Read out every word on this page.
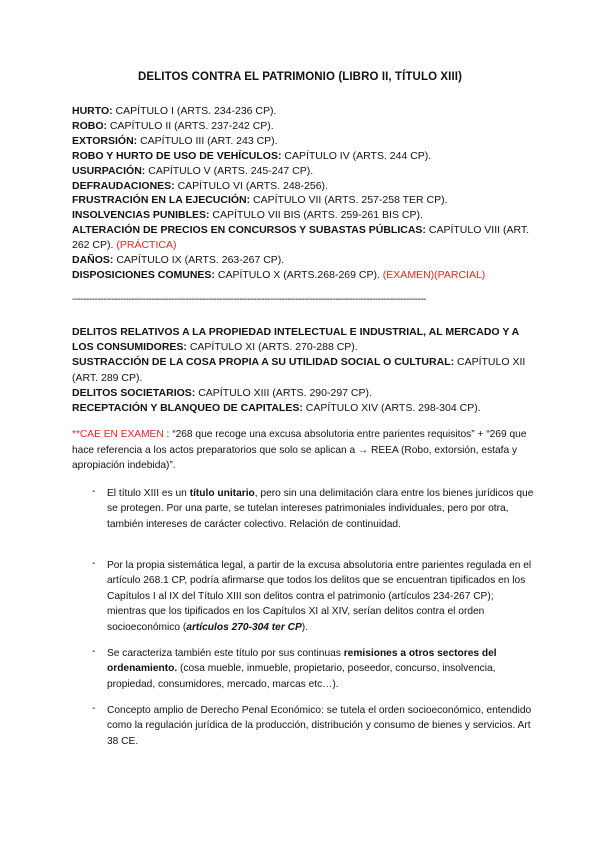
DELITOS CONTRA EL PATRIMONIO (LIBRO II, TÍTULO XIII)
HURTO: CAPÍTULO I (ARTS. 234-236 CP).
ROBO: CAPÍTULO II (ARTS. 237-242 CP).
EXTORSIÓN: CAPÍTULO III (ART. 243 CP).
ROBO Y HURTO DE USO DE VEHÍCULOS: CAPÍTULO IV (ARTS. 244 CP).
USURPACIÓN: CAPÍTULO V (ARTS. 245-247 CP).
DEFRAUDACIONES: CAPÍTULO VI (ARTS. 248-256).
FRUSTRACIÓN EN LA EJECUCIÓN: CAPÍTULO VII (ARTS. 257-258 TER CP).
INSOLVENCIAS PUNIBLES: CAPÍTULO VII BIS (ARTS. 259-261 BIS CP).
ALTERACIÓN DE PRECIOS EN CONCURSOS Y SUBASTAS PÚBLICAS: CAPÍTULO VIII (ART. 262 CP). (PRÁCTICA)
DAÑOS: CAPÍTULO IX (ARTS. 263-267 CP).
DISPOSICIONES COMUNES: CAPÍTULO X (ARTS.268-269 CP). (EXAMEN)(PARCIAL)
-----------------------------------------------------------------------------------------------------------------------------
DELITOS RELATIVOS A LA PROPIEDAD INTELECTUAL E INDUSTRIAL, AL MERCADO Y A LOS CONSUMIDORES: CAPÍTULO XI (ARTS. 270-288 CP).
SUSTRACCIÓN DE LA COSA PROPIA A SU UTILIDAD SOCIAL O CULTURAL: CAPÍTULO XII (ART. 289 CP).
DELITOS SOCIETARIOS: CAPÍTULO XIII (ARTS. 290-297 CP).
RECEPTACIÓN Y BLANQUEO DE CAPITALES: CAPÍTULO XIV (ARTS. 298-304 CP).
**CAE EN EXAMEN : “268 que recoge una excusa absolutoria entre parientes requisitos” + “269 que hace referencia a los actos preparatorios que solo se aplican a → REEA (Robo, extorsión, estafa y apropiación indebida)”.
- El título XIII es un título unitario, pero sin una delimitación clara entre los bienes jurídicos que se protegen. Por una parte, se tutelan intereses patrimoniales individuales, pero por otra, también intereses de carácter colectivo. Relación de continuidad.
- Por la propia sistemática legal, a partir de la excusa absolutoria entre parientes regulada en el artículo 268.1 CP, podría afirmarse que todos los delitos que se encuentran tipificados en los Capítulos I al IX del Título XIII son delitos contra el patrimonio (artículos 234-267 CP); mientras que los tipificados en los Capítulos XI al XIV, serían delitos contra el orden socioeconómico (artículos 270-304 ter CP).
- Se caracteriza también este título por sus continuas remisiones a otros sectores del ordenamiento. (cosa mueble, inmueble, propietario, poseedor, concurso, insolvencia, propiedad, consumidores, mercado, marcas etc…).
- Concepto amplio de Derecho Penal Económico: se tutela el orden socioeconómico, entendido como la regulación jurídica de la producción, distribución y consumo de bienes y servicios. Art 38 CE.
